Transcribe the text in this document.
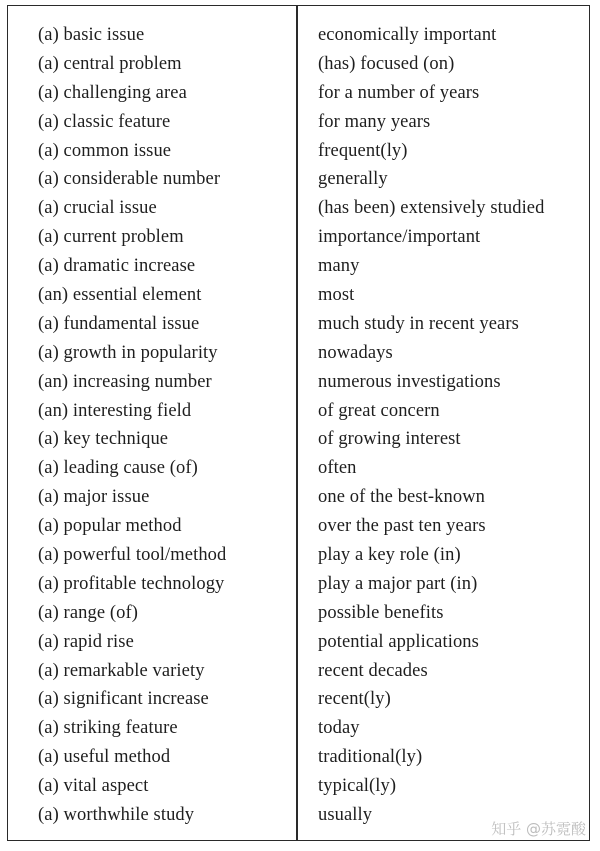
(a) basic issue
(a) central problem
(a) challenging area
(a) classic feature
(a) common issue
(a) considerable number
(a) crucial issue
(a) current problem
(a) dramatic increase
(an) essential element
(a) fundamental issue
(a) growth in popularity
(an) increasing number
(an) interesting field
(a) key technique
(a) leading cause (of)
(a) major issue
(a) popular method
(a) powerful tool/method
(a) profitable technology
(a) range (of)
(a) rapid rise
(a) remarkable variety
(a) significant increase
(a) striking feature
(a) useful method
(a) vital aspect
(a) worthwhile study
economically important
(has) focused (on)
for a number of years
for many years
frequent(ly)
generally
(has been) extensively studied
importance/important
many
most
much study in recent years
nowadays
numerous investigations
of great concern
of growing interest
often
one of the best-known
over the past ten years
play a key role (in)
play a major part (in)
possible benefits
potential applications
recent decades
recent(ly)
today
traditional(ly)
typical(ly)
usually
知乎 @苏霓酸
